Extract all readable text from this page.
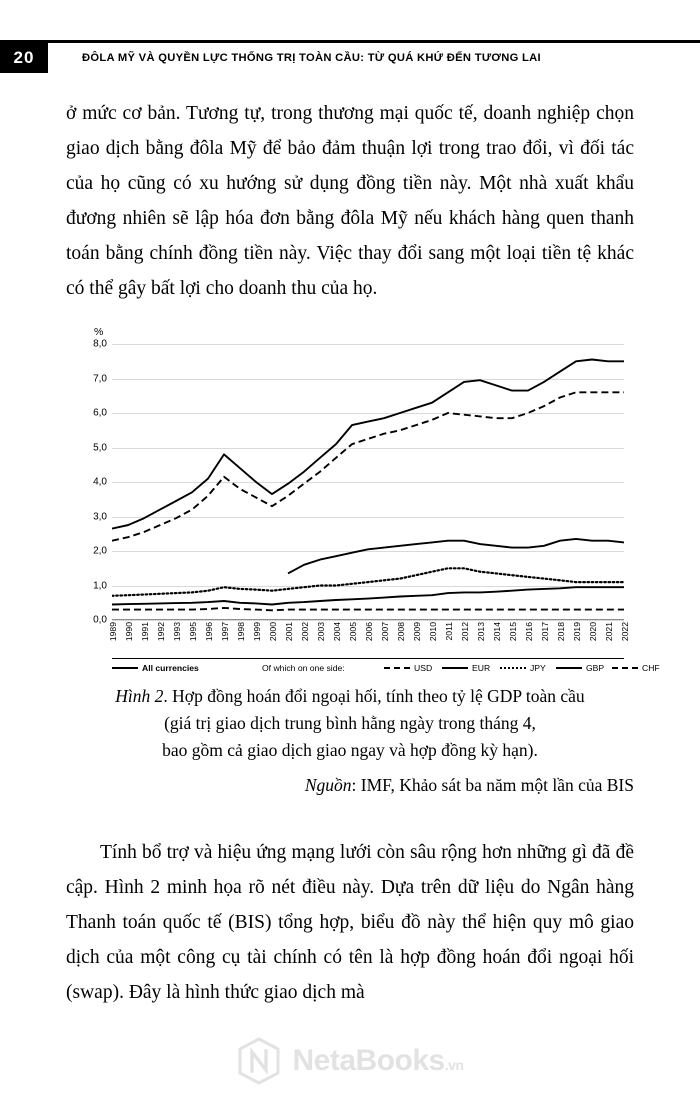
20	ĐÔLA MỸ VÀ QUYỀN LỰC THỐNG TRỊ TOÀN CẦU: TỪ QUÁ KHỨ ĐẾN TƯƠNG LAI
ở mức cơ bản. Tương tự, trong thương mại quốc tế, doanh nghiệp chọn giao dịch bằng đôla Mỹ để bảo đảm thuận lợi trong trao đổi, vì đối tác của họ cũng có xu hướng sử dụng đồng tiền này. Một nhà xuất khẩu đương nhiên sẽ lập hóa đơn bằng đôla Mỹ nếu khách hàng quen thanh toán bằng chính đồng tiền này. Việc thay đổi sang một loại tiền tệ khác có thể gây bất lợi cho doanh thu của họ.
%
0,0
1,0
2,0
3,0
4,0
5,0
6,0
7,0
8,0
1989 1990 1991 1992 1993 1995 1996 1997 1998 1999 2000 2001 2002 2003 2004 2005 2006 2007 2008 2009 2010 2011 2012 2013 2014 2015 2016 2017 2018 2019 2020 2021 2022
All currencies	Of which on one side:	USD	EUR	JPY	GBP	CHF
Hình 2. Hợp đồng hoán đổi ngoại hối, tính theo tỷ lệ GDP toàn cầu
(giá trị giao dịch trung bình hằng ngày trong tháng 4,
bao gồm cả giao dịch giao ngay và hợp đồng kỳ hạn).
Nguồn: IMF, Khảo sát ba năm một lần của BIS
Tính bổ trợ và hiệu ứng mạng lưới còn sâu rộng hơn những gì đã đề cập. Hình 2 minh họa rõ nét điều này. Dựa trên dữ liệu do Ngân hàng Thanh toán quốc tế (BIS) tổng hợp, biểu đồ này thể hiện quy mô giao dịch của một công cụ tài chính có tên là hợp đồng hoán đổi ngoại hối (swap). Đây là hình thức giao dịch mà
NetaBooks.vn
